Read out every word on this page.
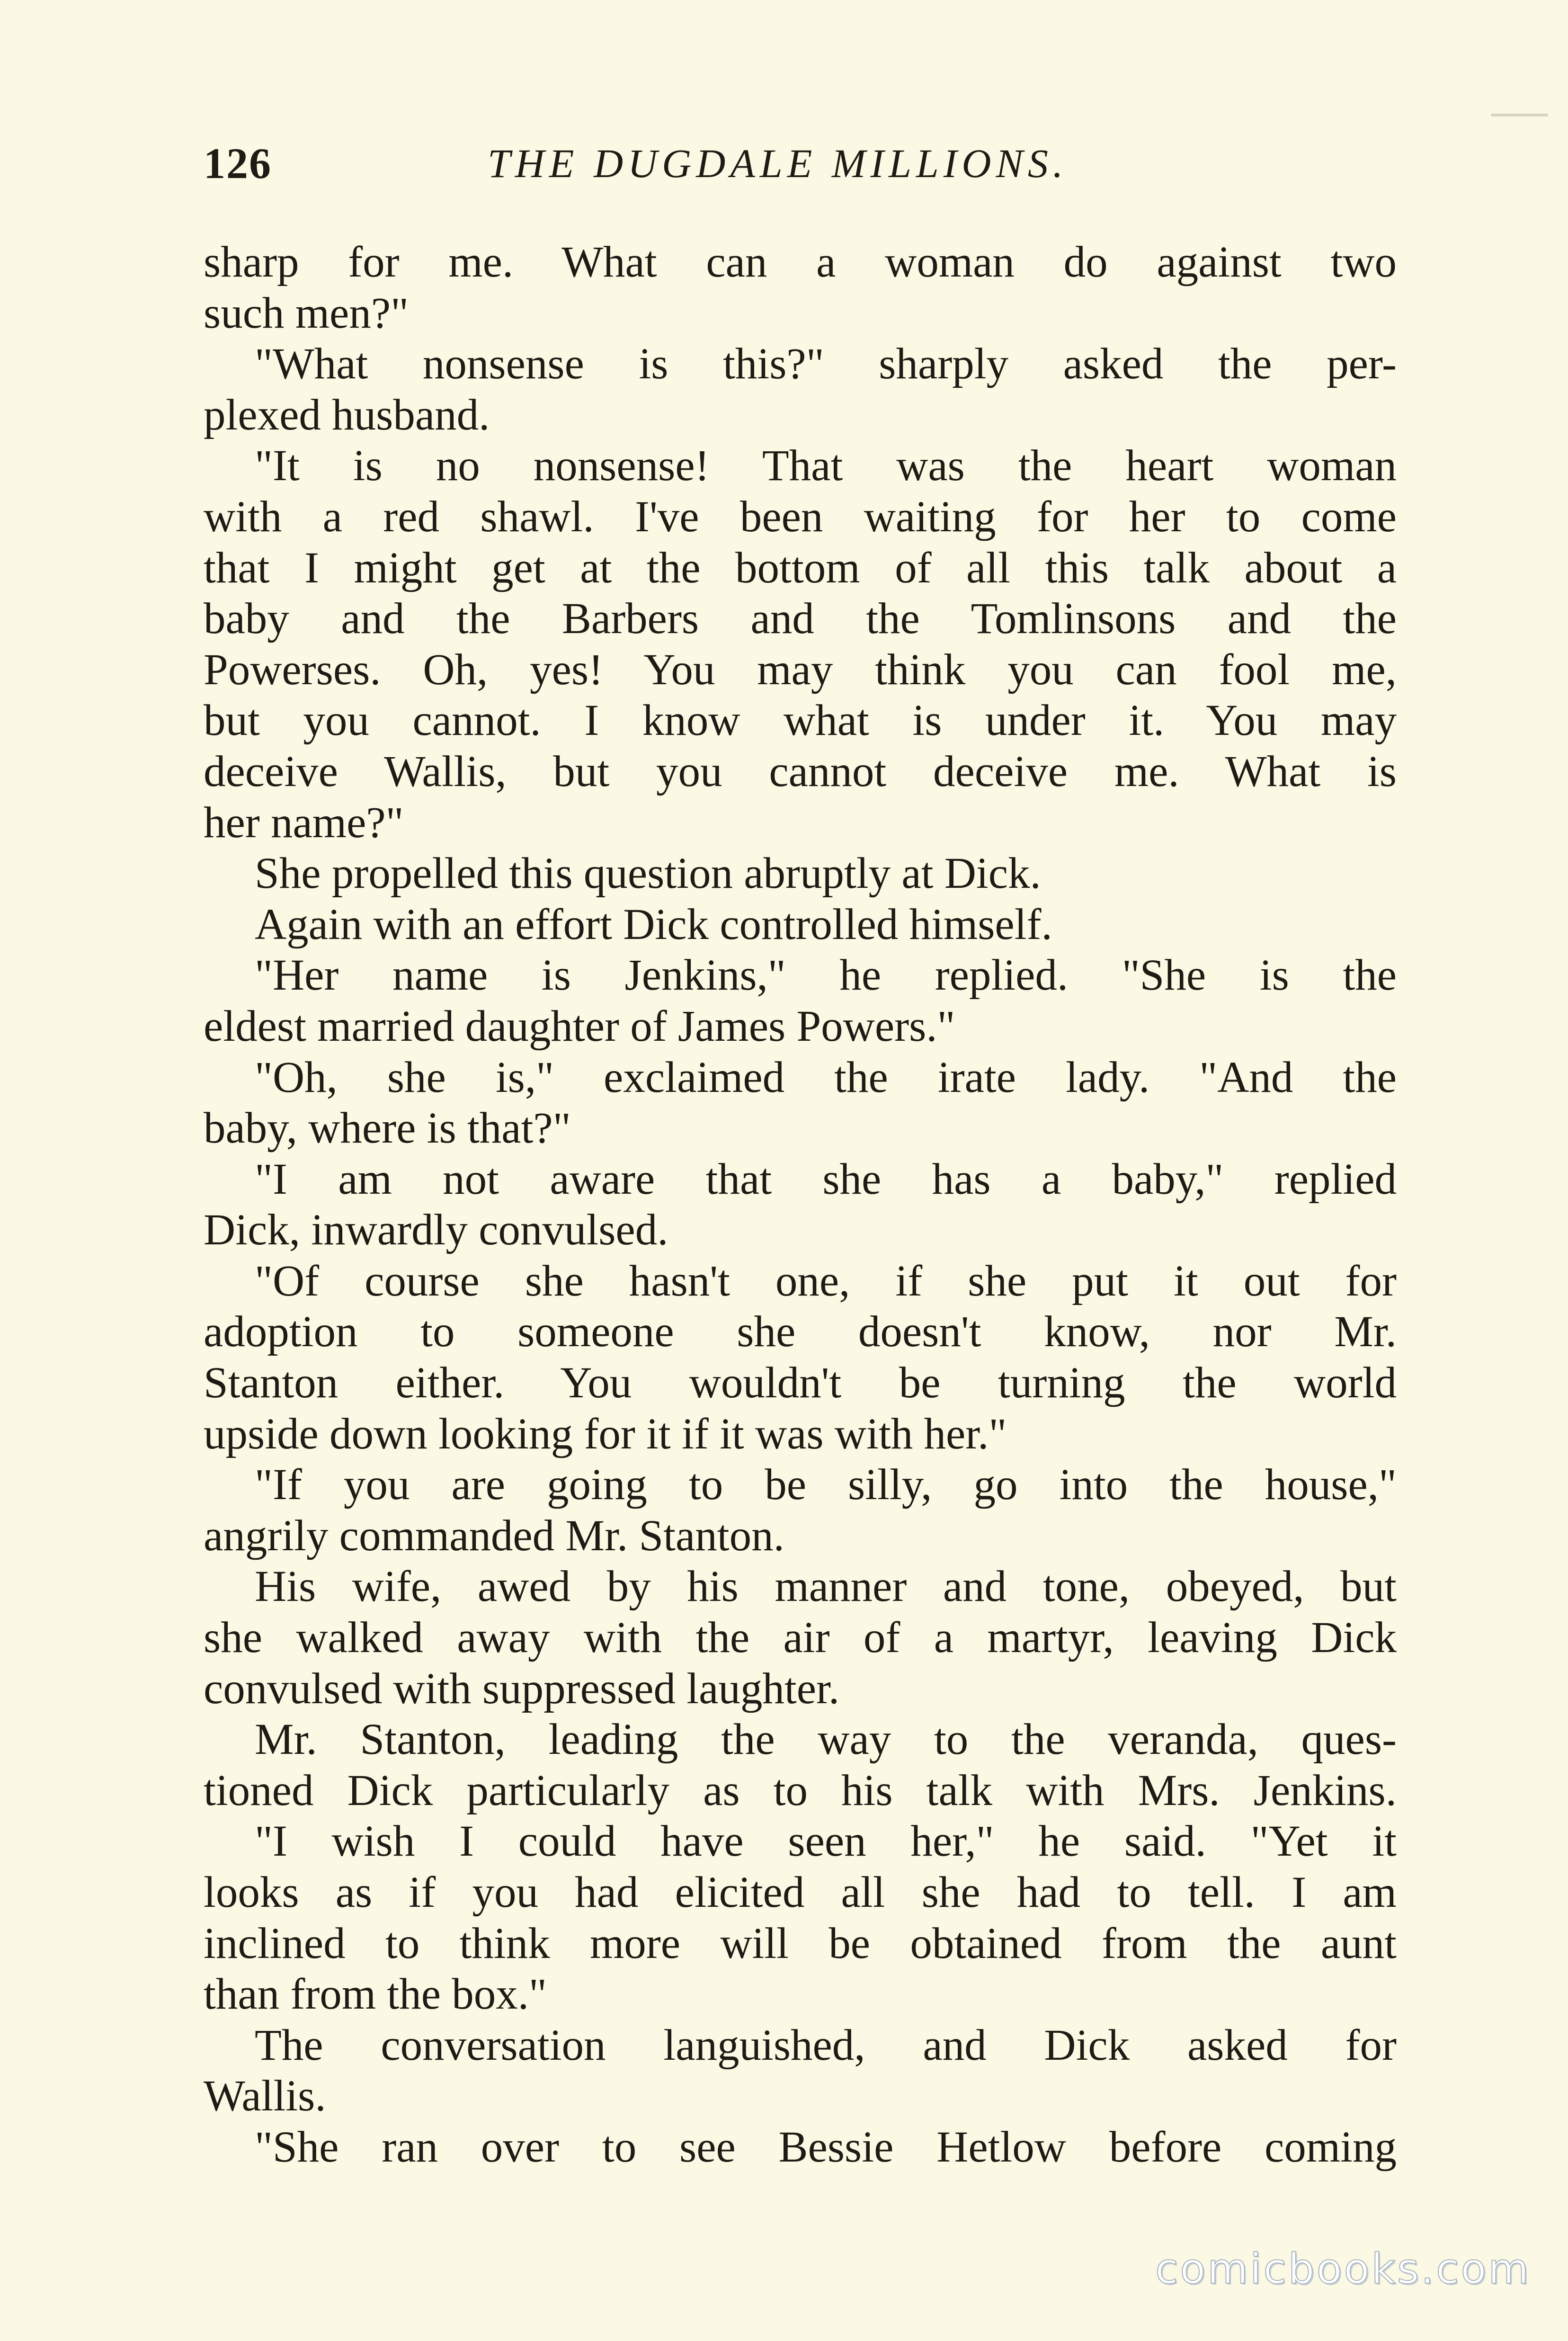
126	THE DUGDALE MILLIONS.
sharp for me. What can a woman do against two
such men?"
"What nonsense is this?" sharply asked the per-
plexed husband.
"It is no nonsense! That was the heart woman
with a red shawl. I've been waiting for her to come
that I might get at the bottom of all this talk about a
baby and the Barbers and the Tomlinsons and the
Powerses. Oh, yes! You may think you can fool me,
but you cannot. I know what is under it. You may
deceive Wallis, but you cannot deceive me. What is
her name?"
She propelled this question abruptly at Dick.
Again with an effort Dick controlled himself.
"Her name is Jenkins," he replied. "She is the
eldest married daughter of James Powers."
"Oh, she is," exclaimed the irate lady. "And the
baby, where is that?"
"I am not aware that she has a baby," replied
Dick, inwardly convulsed.
"Of course she hasn't one, if she put it out for
adoption to someone she doesn't know, nor Mr.
Stanton either. You wouldn't be turning the world
upside down looking for it if it was with her."
"If you are going to be silly, go into the house,"
angrily commanded Mr. Stanton.
His wife, awed by his manner and tone, obeyed, but
she walked away with the air of a martyr, leaving Dick
convulsed with suppressed laughter.
Mr. Stanton, leading the way to the veranda, ques-
tioned Dick particularly as to his talk with Mrs. Jenkins.
"I wish I could have seen her," he said. "Yet it
looks as if you had elicited all she had to tell. I am
inclined to think more will be obtained from the aunt
than from the box."
The conversation languished, and Dick asked for
Wallis.
"She ran over to see Bessie Hetlow before coming
comicbooks.com
